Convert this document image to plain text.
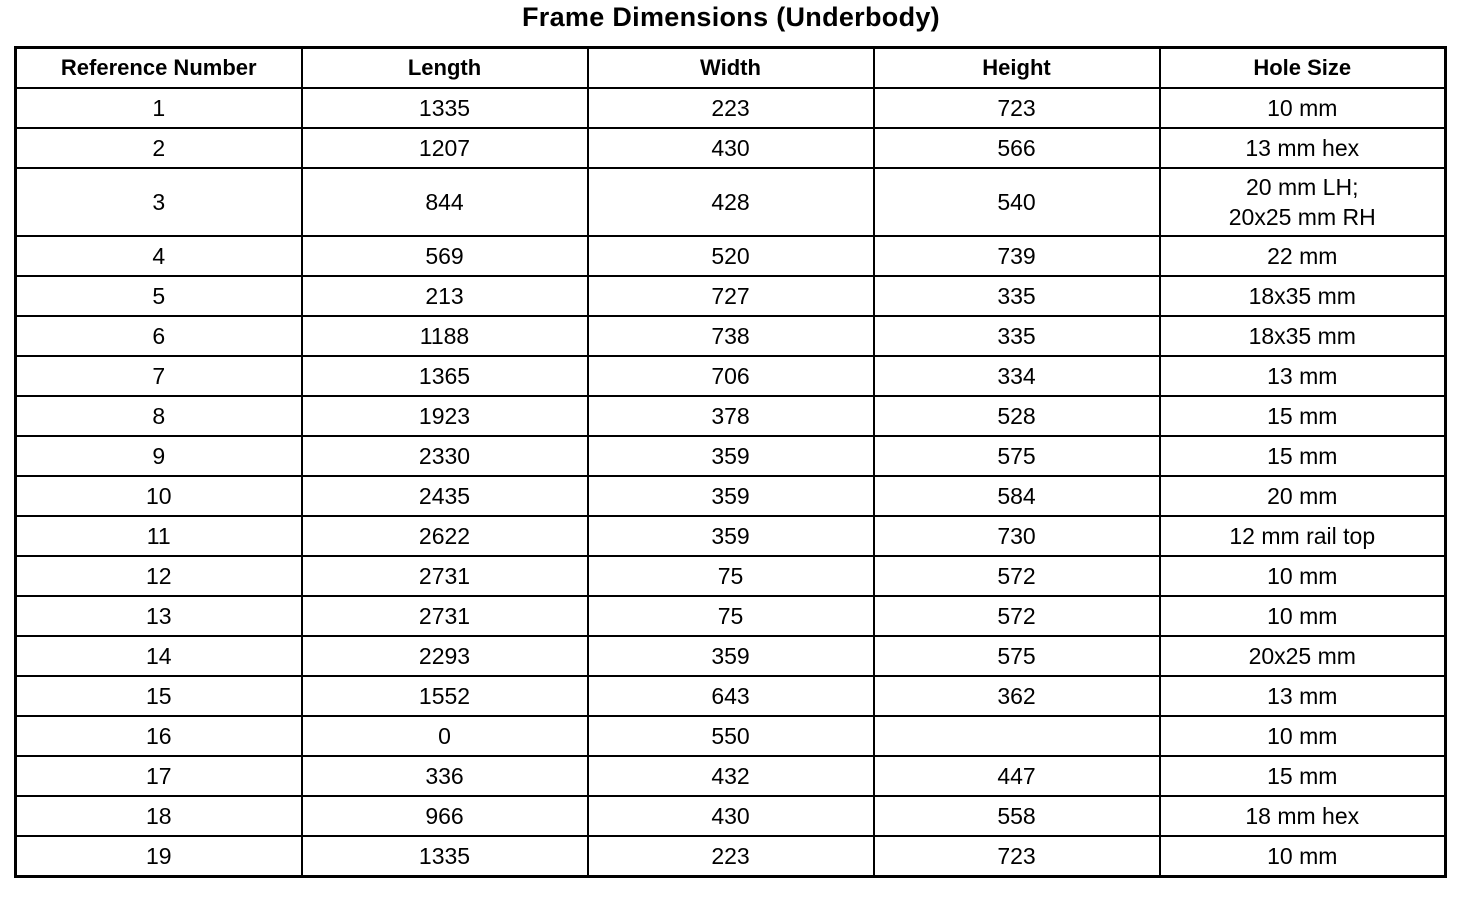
Frame Dimensions (Underbody)
Reference Number	Length	Width	Height	Hole Size
1	1335	223	723	10 mm

2	1207	430	566	13 mm hex

3	844	428	540	20 mm LH;
20x25 mm RH

4	569	520	739	22 mm

5	213	727	335	18x35 mm

6	1188	738	335	18x35 mm

7	1365	706	334	13 mm

8	1923	378	528	15 mm

9	2330	359	575	15 mm

10	2435	359	584	20 mm

11	2622	359	730	12 mm rail top

12	2731	75	572	10 mm

13	2731	75	572	10 mm

14	2293	359	575	20x25 mm

15	1552	643	362	13 mm

16	0	550		10 mm

17	336	432	447	15 mm

18	966	430	558	18 mm hex

19	1335	223	723	10 mm
